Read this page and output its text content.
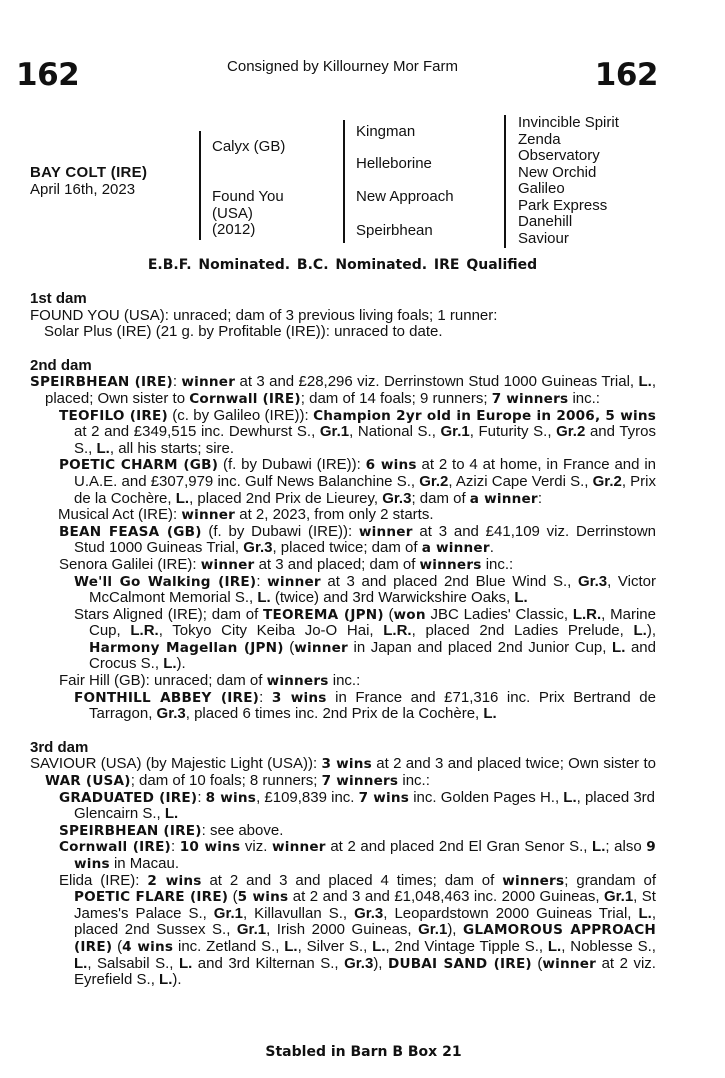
162	Consigned by Killourney Mor Farm	162
BAY COLT (IRE)
April 16th, 2023
Calyx (GB)
Found You
(USA)
(2012)
Kingman
Helleborine
New Approach
Speirbhean
Invincible Spirit
Zenda
Observatory
New Orchid
Galileo
Park Express
Danehill
Saviour
E.B.F. Nominated. B.C. Nominated. IRE Qualified
1st dam
FOUND YOU (USA): unraced; dam of 3 previous living foals; 1 runner:
Solar Plus (IRE) (21 g. by Profitable (IRE)): unraced to date.
2nd dam
SPEIRBHEAN (IRE): winner at 3 and £28,296 viz. Derrinstown Stud 1000 Guineas Trial, L., placed; Own sister to Cornwall (IRE); dam of 14 foals; 9 runners; 7 winners inc.:
TEOFILO (IRE) (c. by Galileo (IRE)): Champion 2yr old in Europe in 2006, 5 wins at 2 and £349,515 inc. Dewhurst S., Gr.1, National S., Gr.1, Futurity S., Gr.2 and Tyros S., L., all his starts; sire.
POETIC CHARM (GB) (f. by Dubawi (IRE)): 6 wins at 2 to 4 at home, in France and in U.A.E. and £307,979 inc. Gulf News Balanchine S., Gr.2, Azizi Cape Verdi S., Gr.2, Prix de la Cochère, L., placed 2nd Prix de Lieurey, Gr.3; dam of a winner:
Musical Act (IRE): winner at 2, 2023, from only 2 starts.
BEAN FEASA (GB) (f. by Dubawi (IRE)): winner at 3 and £41,109 viz. Derrinstown Stud 1000 Guineas Trial, Gr.3, placed twice; dam of a winner.
Senora Galilei (IRE): winner at 3 and placed; dam of winners inc.:
We'll Go Walking (IRE): winner at 3 and placed 2nd Blue Wind S., Gr.3, Victor McCalmont Memorial S., L. (twice) and 3rd Warwickshire Oaks, L.
Stars Aligned (IRE); dam of TEOREMA (JPN) (won JBC Ladies' Classic, L.R., Marine Cup, L.R., Tokyo City Keiba Jo-O Hai, L.R., placed 2nd Ladies Prelude, L.), Harmony Magellan (JPN) (winner in Japan and placed 2nd Junior Cup, L. and Crocus S., L.).
Fair Hill (GB): unraced; dam of winners inc.:
FONTHILL ABBEY (IRE): 3 wins in France and £71,316 inc. Prix Bertrand de Tarragon, Gr.3, placed 6 times inc. 2nd Prix de la Cochère, L.
3rd dam
SAVIOUR (USA) (by Majestic Light (USA)): 3 wins at 2 and 3 and placed twice; Own sister to WAR (USA); dam of 10 foals; 8 runners; 7 winners inc.:
GRADUATED (IRE): 8 wins, £109,839 inc. 7 wins inc. Golden Pages H., L., placed 3rd Glencairn S., L.
SPEIRBHEAN (IRE): see above.
Cornwall (IRE): 10 wins viz. winner at 2 and placed 2nd El Gran Senor S., L.; also 9 wins in Macau.
Elida (IRE): 2 wins at 2 and 3 and placed 4 times; dam of winners; grandam of POETIC FLARE (IRE) (5 wins at 2 and 3 and £1,048,463 inc. 2000 Guineas, Gr.1, St James's Palace S., Gr.1, Killavullan S., Gr.3, Leopardstown 2000 Guineas Trial, L., placed 2nd Sussex S., Gr.1, Irish 2000 Guineas, Gr.1), GLAMOROUS APPROACH (IRE) (4 wins inc. Zetland S., L., Silver S., L., 2nd Vintage Tipple S., L., Noblesse S., L., Salsabil S., L. and 3rd Kilternan S., Gr.3), DUBAI SAND (IRE) (winner at 2 viz. Eyrefield S., L.).
Stabled in Barn B Box 21
